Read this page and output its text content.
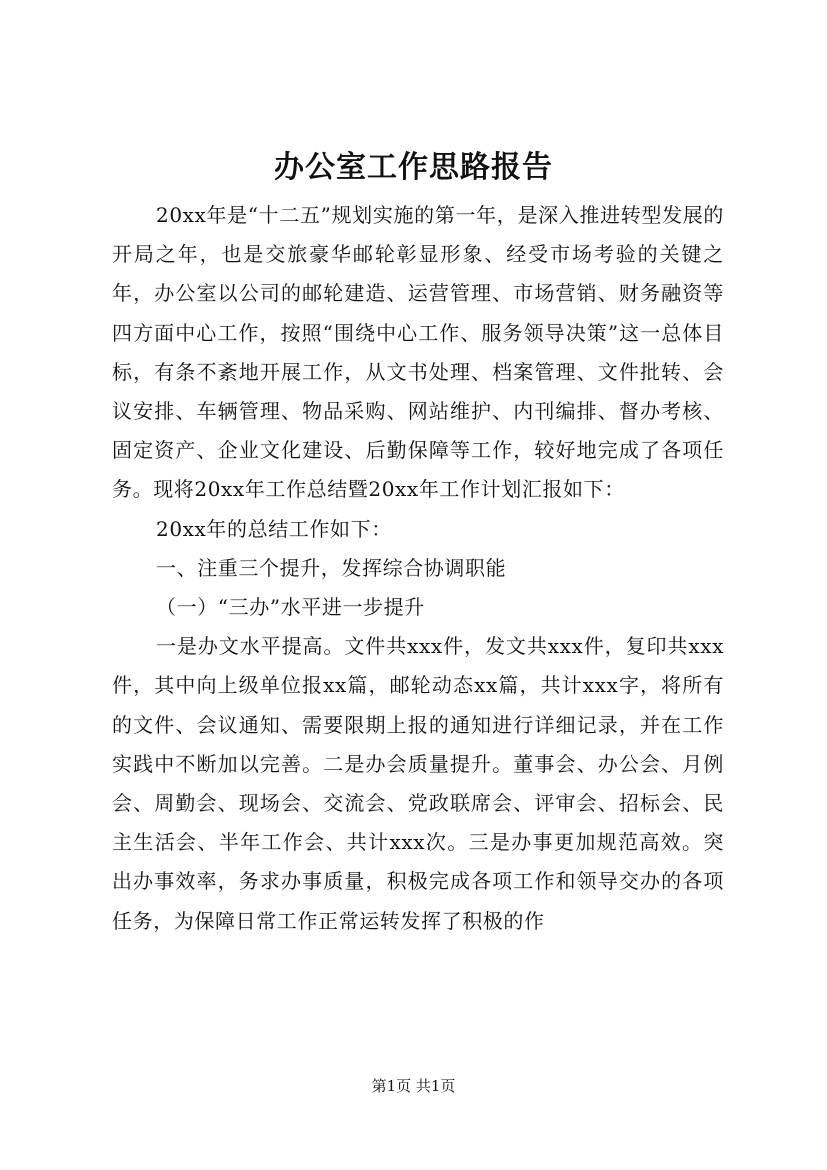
办公室工作思路报告

20xx年是“十二五”规划实施的第一年，是深入推进转型发展的开局之年，也是交旅豪华邮轮彰显形象、经受市场考验的关键之年，办公室以公司的邮轮建造、运营管理、市场营销、财务融资等四方面中心工作，按照“围绕中心工作、服务领导决策”这一总体目标，有条不紊地开展工作，从文书处理、档案管理、文件批转、会议安排、车辆管理、物品采购、网站维护、内刊编排、督办考核、固定资产、企业文化建设、后勤保障等工作，较好地完成了各项任务。现将20xx年工作总结暨20xx年工作计划汇报如下：

20xx年的总结工作如下：

一、注重三个提升，发挥综合协调职能

（一）“三办”水平进一步提升

一是办文水平提高。文件共xxx件，发文共xxx件，复印共xxx件，其中向上级单位报xx篇，邮轮动态xx篇，共计xxx字，将所有的文件、会议通知、需要限期上报的通知进行详细记录，并在工作实践中不断加以完善。二是办会质量提升。董事会、办公会、月例会、周勤会、现场会、交流会、党政联席会、评审会、招标会、民主生活会、半年工作会、共计xxx次。三是办事更加规范高效。突出办事效率，务求办事质量，积极完成各项工作和领导交办的各项任务，为保障日常工作正常运转发挥了积极的作

第1页 共1页
